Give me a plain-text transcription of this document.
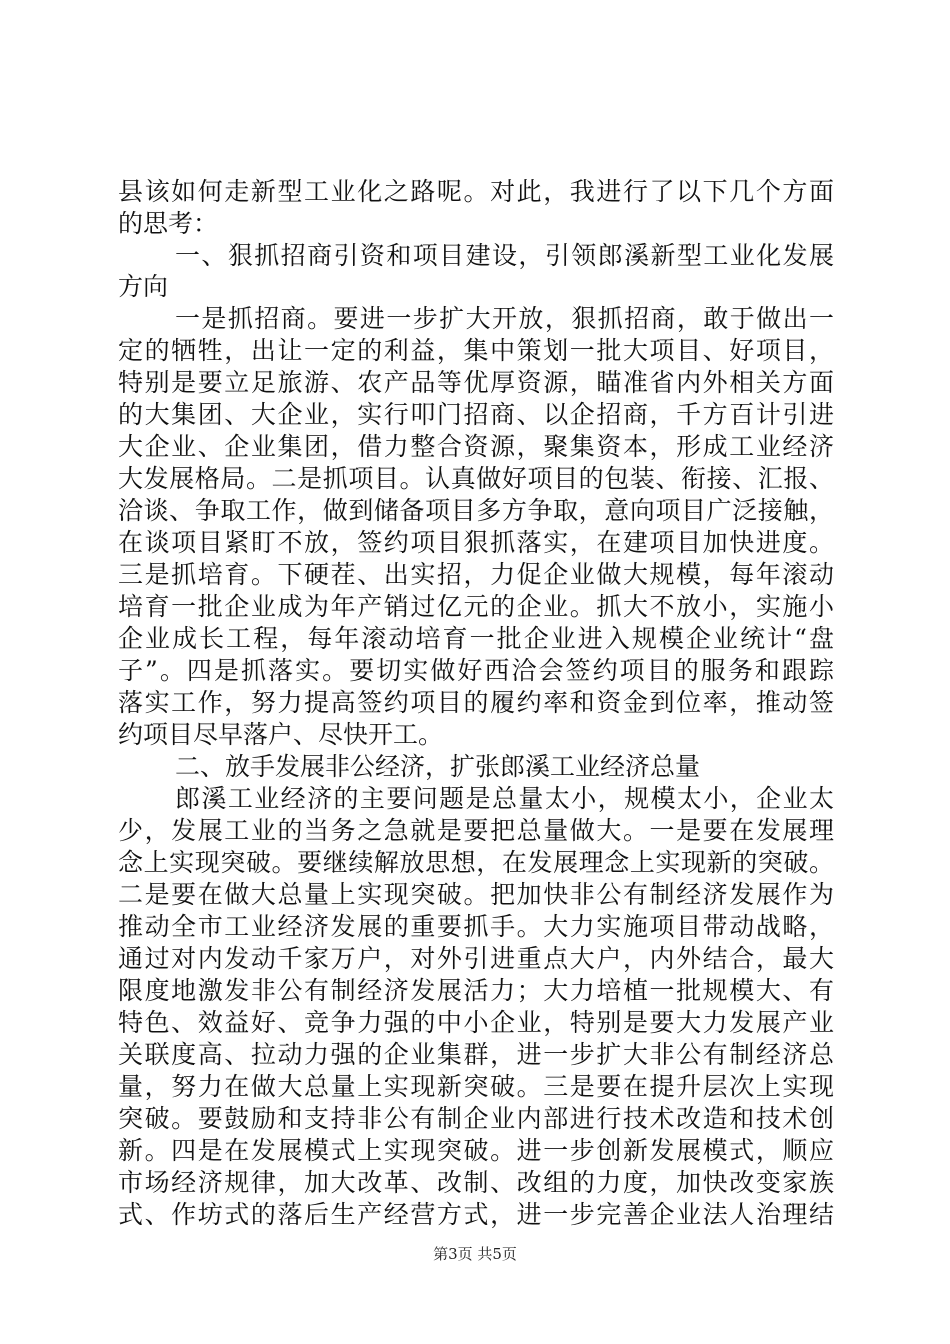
县该如何走新型工业化之路呢。对此，我进行了以下几个方面
的思考：
一、狠抓招商引资和项目建设，引领郎溪新型工业化发展
方向
一是抓招商。要进一步扩大开放，狠抓招商，敢于做出一
定的牺牲，出让一定的利益，集中策划一批大项目、好项目，
特别是要立足旅游、农产品等优厚资源，瞄准省内外相关方面
的大集团、大企业，实行叩门招商、以企招商，千方百计引进
大企业、企业集团，借力整合资源，聚集资本，形成工业经济
大发展格局。二是抓项目。认真做好项目的包装、衔接、汇报、
洽谈、争取工作，做到储备项目多方争取，意向项目广泛接触，
在谈项目紧盯不放，签约项目狠抓落实，在建项目加快进度。
三是抓培育。下硬茬、出实招，力促企业做大规模，每年滚动
培育一批企业成为年产销过亿元的企业。抓大不放小，实施小
企业成长工程，每年滚动培育一批企业进入规模企业统计“盘
子”。四是抓落实。要切实做好西洽会签约项目的服务和跟踪
落实工作，努力提高签约项目的履约率和资金到位率，推动签
约项目尽早落户、尽快开工。
二、放手发展非公经济，扩张郎溪工业经济总量
郎溪工业经济的主要问题是总量太小，规模太小，企业太
少，发展工业的当务之急就是要把总量做大。一是要在发展理
念上实现突破。要继续解放思想，在发展理念上实现新的突破。
二是要在做大总量上实现突破。把加快非公有制经济发展作为
推动全市工业经济发展的重要抓手。大力实施项目带动战略，
通过对内发动千家万户，对外引进重点大户，内外结合，最大
限度地激发非公有制经济发展活力；大力培植一批规模大、有
特色、效益好、竞争力强的中小企业，特别是要大力发展产业
关联度高、拉动力强的企业集群，进一步扩大非公有制经济总
量，努力在做大总量上实现新突破。三是要在提升层次上实现
突破。要鼓励和支持非公有制企业内部进行技术改造和技术创
新。四是在发展模式上实现突破。进一步创新发展模式，顺应
市场经济规律，加大改革、改制、改组的力度，加快改变家族
式、作坊式的落后生产经营方式，进一步完善企业法人治理结
第3页 共5页
